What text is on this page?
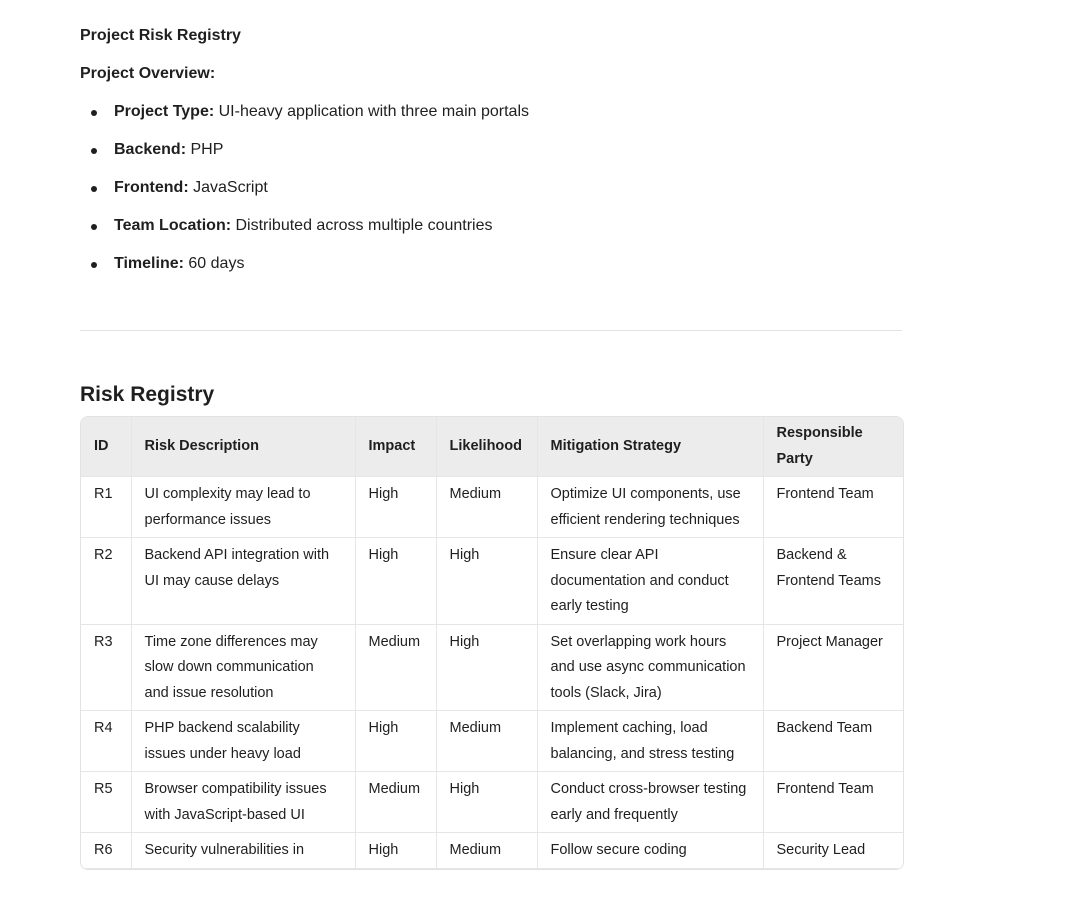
Project Risk Registry
Project Overview:
Project Type: UI-heavy application with three main portals
Backend: PHP
Frontend: JavaScript
Team Location: Distributed across multiple countries
Timeline: 60 days
Risk Registry
ID	Risk Description	Impact	Likelihood	Mitigation Strategy	Responsible Party
R1	UI complexity may lead to performance issues	High	Medium	Optimize UI components, use efficient rendering techniques	Frontend Team
R2	Backend API integration with UI may cause delays	High	High	Ensure clear API documentation and conduct early testing	Backend & Frontend Teams
R3	Time zone differences may slow down communication and issue resolution	Medium	High	Set overlapping work hours and use async communication tools (Slack, Jira)	Project Manager
R4	PHP backend scalability issues under heavy load	High	Medium	Implement caching, load balancing, and stress testing	Backend Team
R5	Browser compatibility issues with JavaScript-based UI	Medium	High	Conduct cross-browser testing early and frequently	Frontend Team
R6	Security vulnerabilities in	High	Medium	Follow secure coding	Security Lead
